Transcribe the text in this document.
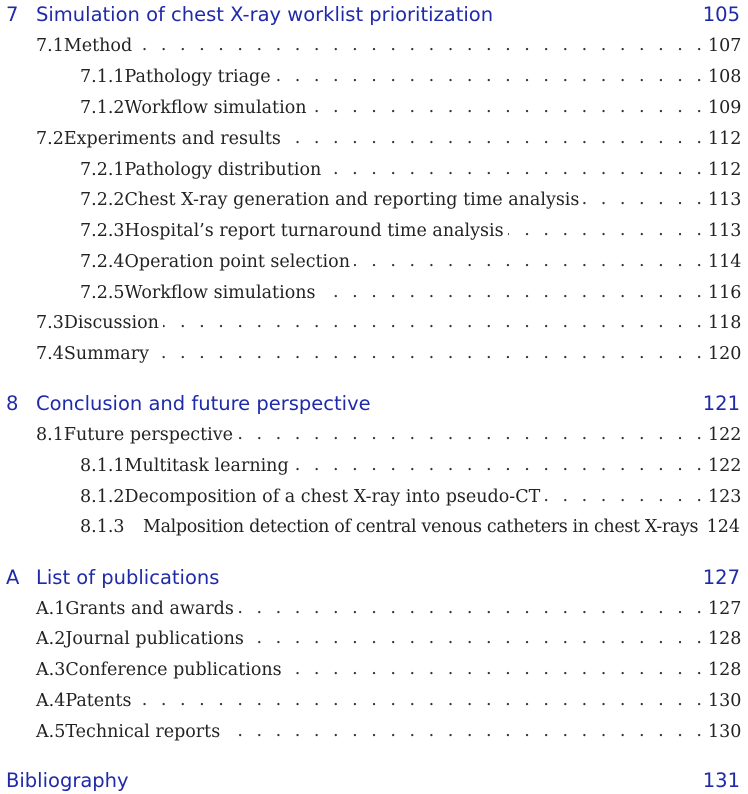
7 Simulation of chest X-ray worklist prioritization	105
7.1 Method . . .	107
7.1.1 Pathology triage . . .	108
7.1.2 Workflow simulation . . .	109
7.2 Experiments and results . . .	112
7.2.1 Pathology distribution . . .	112
7.2.2 Chest X-ray generation and reporting time analysis . . .	113
7.2.3 Hospital’s report turnaround time analysis . . .	113
7.2.4 Operation point selection . . .	114
7.2.5 Workflow simulations . . .	116
7.3 Discussion . . .	118
7.4 Summary . . .	120
8 Conclusion and future perspective	121
8.1 Future perspective . . .	122
8.1.1 Multitask learning . . .	122
8.1.2 Decomposition of a chest X-ray into pseudo-CT . . .	123
8.1.3	Malposition detection of central venous catheters in chest X-rays 124
A List of publications	127
A.1 Grants and awards . . .	127
A.2 Journal publications . . .	128
A.3 Conference publications . . .	128
A.4 Patents . . .	130
A.5 Technical reports . . .	130
Bibliography	131
